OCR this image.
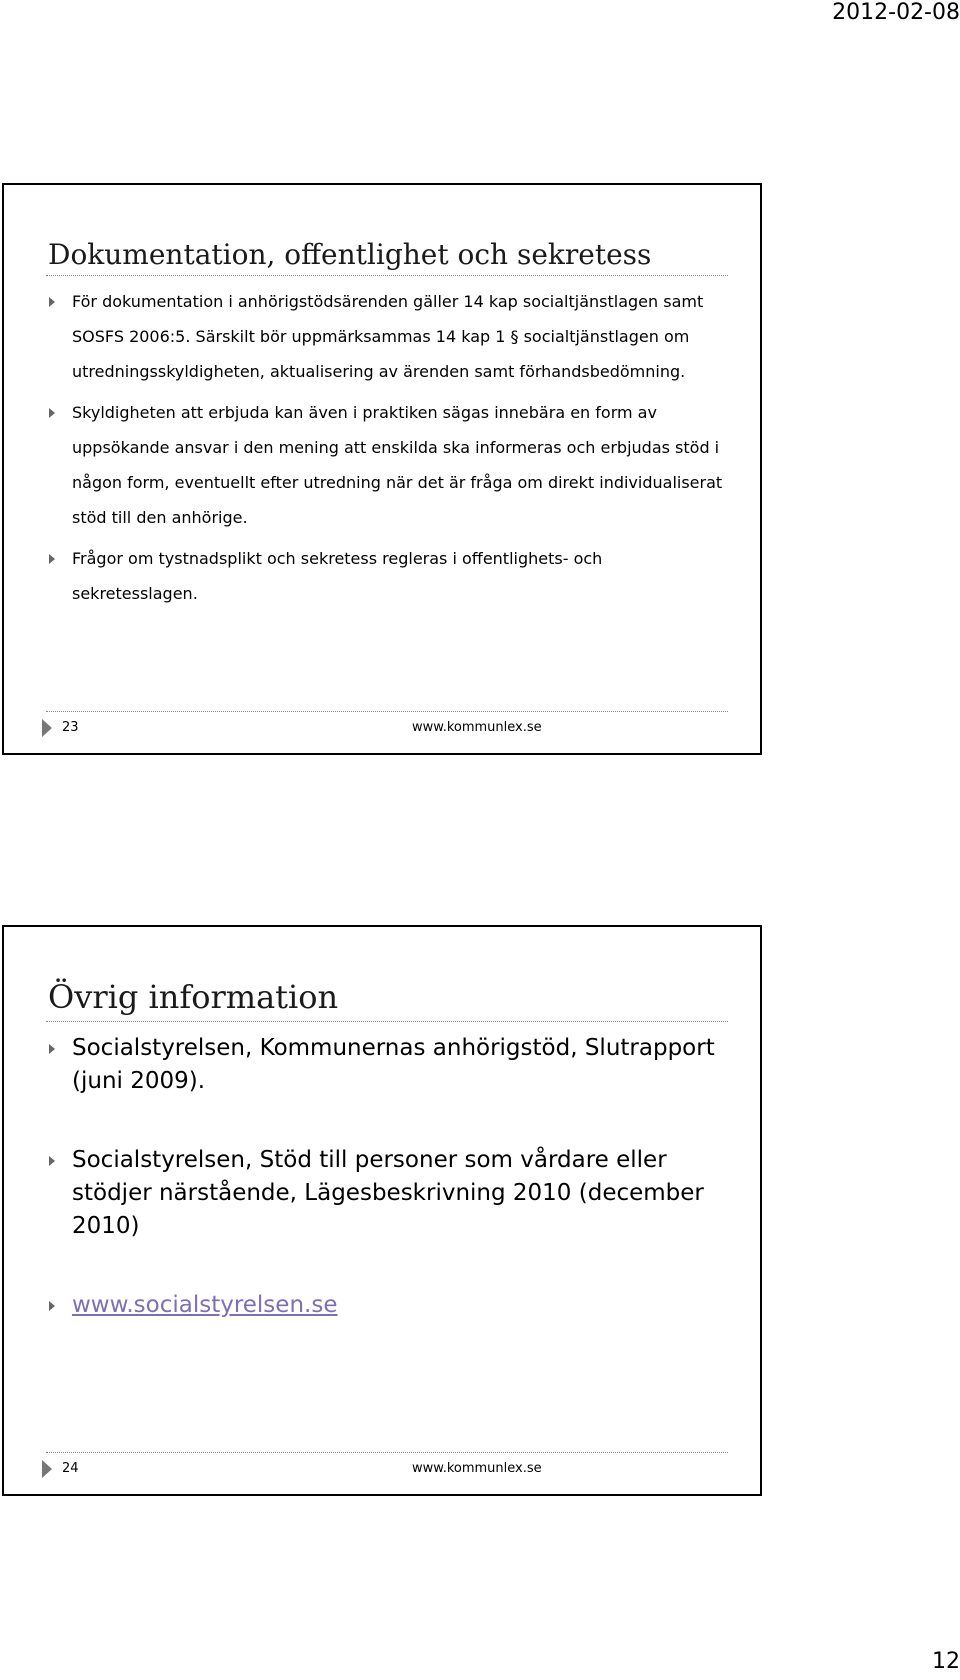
2012-02-08
Dokumentation, offentlighet och sekretess
För dokumentation i anhörigstödsärenden gäller 14 kap socialtjänstlagen samt SOSFS 2006:5. Särskilt bör uppmärksammas 14 kap 1 § socialtjänstlagen om utredningsskyldigheten, aktualisering av ärenden samt förhandsbedömning.
Skyldigheten att erbjuda kan även i praktiken sägas innebära en form av uppsökande ansvar i den mening att enskilda ska informeras och erbjudas stöd i någon form, eventuellt efter utredning när det är fråga om direkt individualiserat stöd till den anhörige.
Frågor om tystnadsplikt och sekretess regleras i offentlighets- och sekretesslagen.
23	www.kommunlex.se
Övrig information
Socialstyrelsen, Kommunernas anhörigstöd, Slutrapport (juni 2009).
Socialstyrelsen, Stöd till personer som vårdare eller stödjer närstående, Lägesbeskrivning 2010 (december 2010)
www.socialstyrelsen.se
24	www.kommunlex.se
12
